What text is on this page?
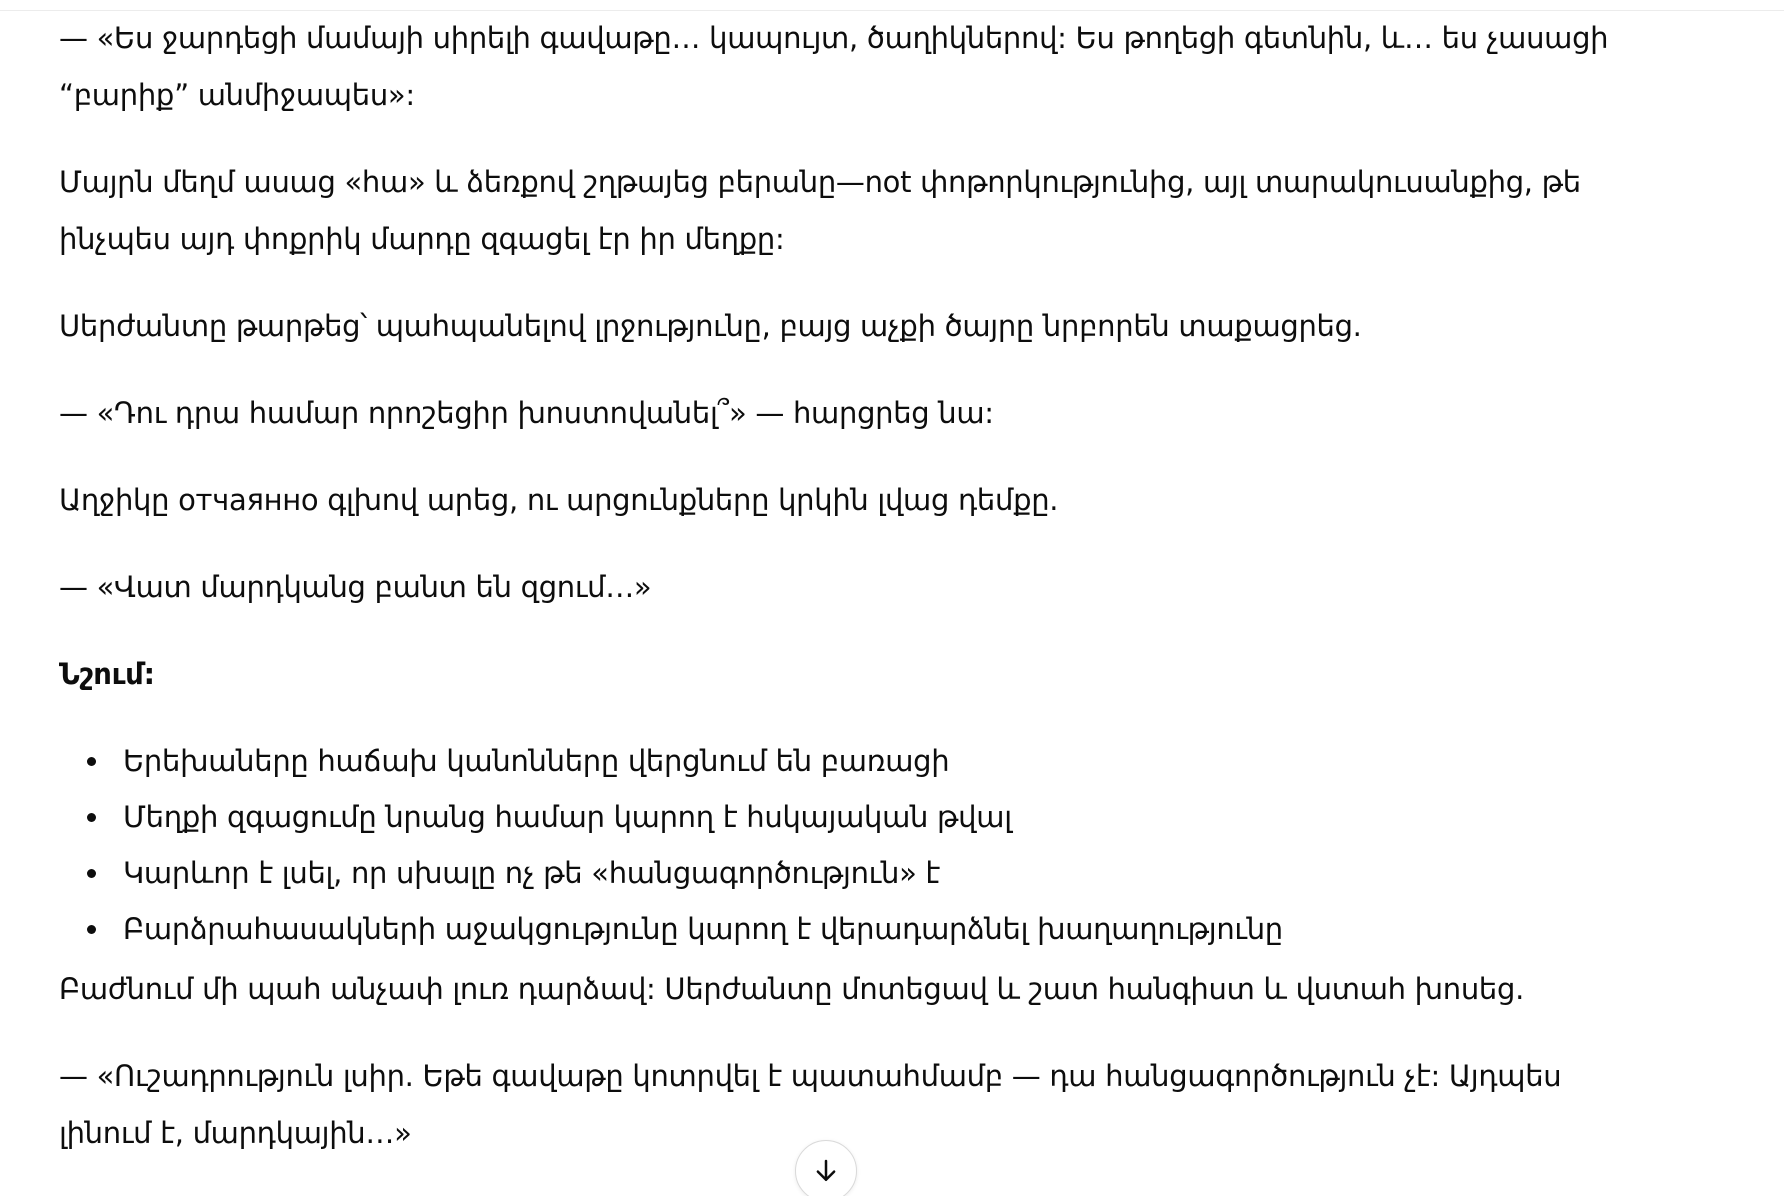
— «Ես ջարդեցի մամայի սիրելի գավաթը… կապույտ, ծաղիկներով: Ես թողեցի գետնին, և… ես չասացի “բարիք” անմիջապես»:

Մայրն մեղմ ասաց «հա» և ձեռքով շղթայեց բերանը—not փոթորկությունից, այլ տարակուսանքից, թե ինչպես այդ փոքրիկ մարդը զգացել էր իր մեղքը:

Սերժանտը թարթեց՝ պահպանելով լրջությունը, բայց աչքի ծայրը նրբորեն տաքացրեց.

— «Դու դրա համար որոշեցիր խոստովանել՞» — հարցրեց նա:

Աղջիկը отчаянно գլխով արեց, ու արցունքները կրկին լվաց դեմքը.

— «Վատ մարդկանց բանտ են զցում…»

Նշում:

Երեխաները հաճախ կանոնները վերցնում են բառացի
Մեղքի զգացումը նրանց համար կարող է հսկայական թվալ
Կարևոր է լսել, որ սխալը ոչ թե «հանցագործություն» է
Բարձրահասակների աջակցությունը կարող է վերադարձնել խաղաղությունը

Բաժնում մի պահ անչափ լուռ դարձավ: Սերժանտը մոտեցավ և շատ հանգիստ և վստահ խոսեց.

— «Ուշադրություն լսիր. Եթե գավաթը կոտրվել է պատահմամբ — դա հանցագործություն չէ: Այդպես լինում է, մարդկային…»
